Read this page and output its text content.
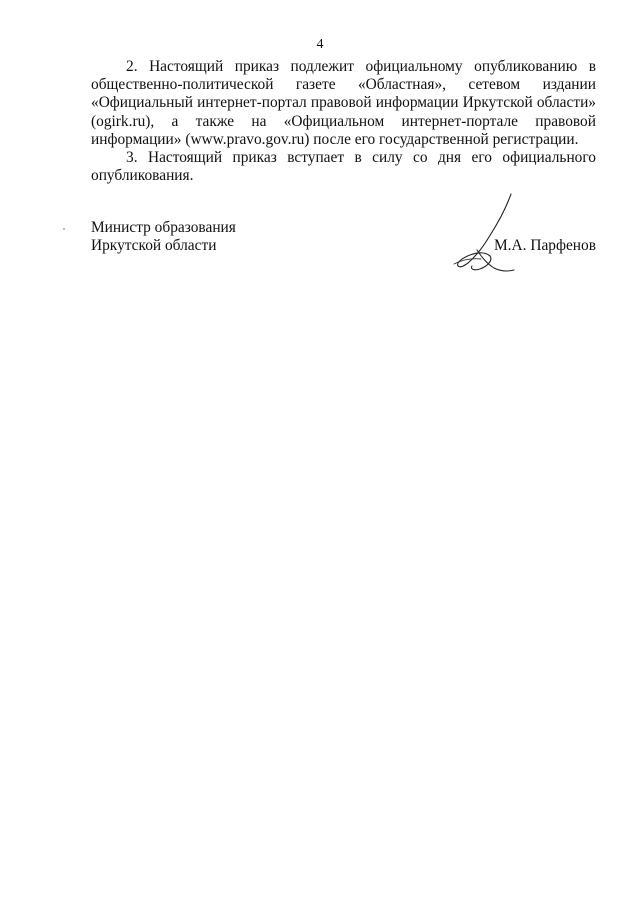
4

2. Настоящий приказ подлежит официальному опубликованию в общественно-политической газете «Областная», сетевом издании «Официальный интернет-портал правовой информации Иркутской области» (ogirk.ru), а также на «Официальном интернет-портале правовой информации» (www.pravo.gov.ru) после его государственной регистрации.

3. Настоящий приказ вступает в силу со дня его официального опубликования.

Министр образования
Иркутской области	М.А. Парфенов
